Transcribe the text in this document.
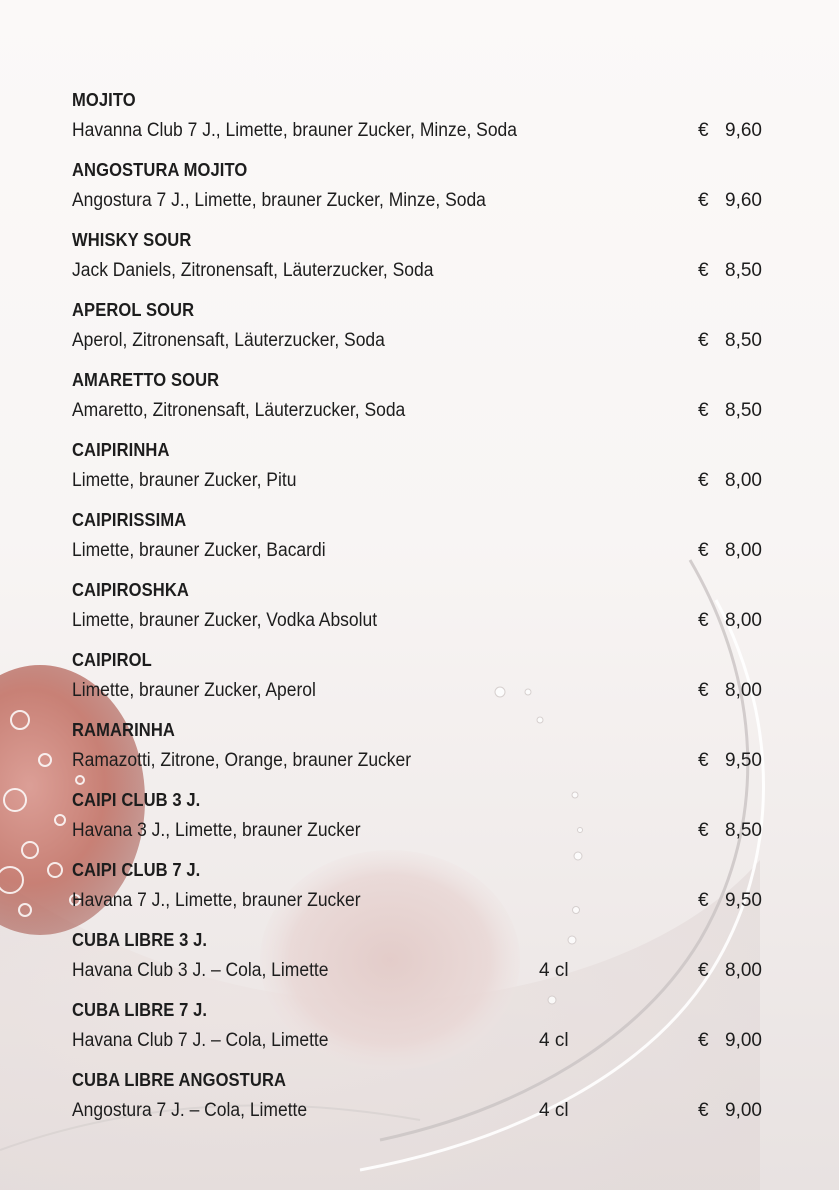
MOJITO
Havanna Club 7 J., Limette, brauner Zucker, Minze, Soda	€ 9,60
ANGOSTURA MOJITO
Angostura 7 J., Limette, brauner Zucker, Minze, Soda	€ 9,60
WHISKY SOUR
Jack Daniels, Zitronensaft, Läuterzucker, Soda	€ 8,50
APEROL SOUR
Aperol, Zitronensaft, Läuterzucker, Soda	€ 8,50
AMARETTO SOUR
Amaretto, Zitronensaft, Läuterzucker, Soda	€ 8,50
CAIPIRINHA
Limette, brauner Zucker, Pitu	€ 8,00
CAIPIRISSIMA
Limette, brauner Zucker, Bacardi	€ 8,00
CAIPIROSHKA
Limette, brauner Zucker, Vodka Absolut	€ 8,00
CAIPIROL
Limette, brauner Zucker, Aperol	€ 8,00
RAMARINHA
Ramazotti, Zitrone, Orange, brauner Zucker	€ 9,50
CAIPI CLUB 3 J.
Havana 3 J., Limette, brauner Zucker	€ 8,50
CAIPI CLUB 7 J.
Havana 7 J., Limette, brauner Zucker	€ 9,50
CUBA LIBRE 3 J.
Havana Club 3 J. – Cola, Limette	4 cl	€ 8,00
CUBA LIBRE 7 J.
Havana Club 7 J. – Cola, Limette	4 cl	€ 9,00
CUBA LIBRE ANGOSTURA
Angostura 7 J. – Cola, Limette	4 cl	€ 9,00
